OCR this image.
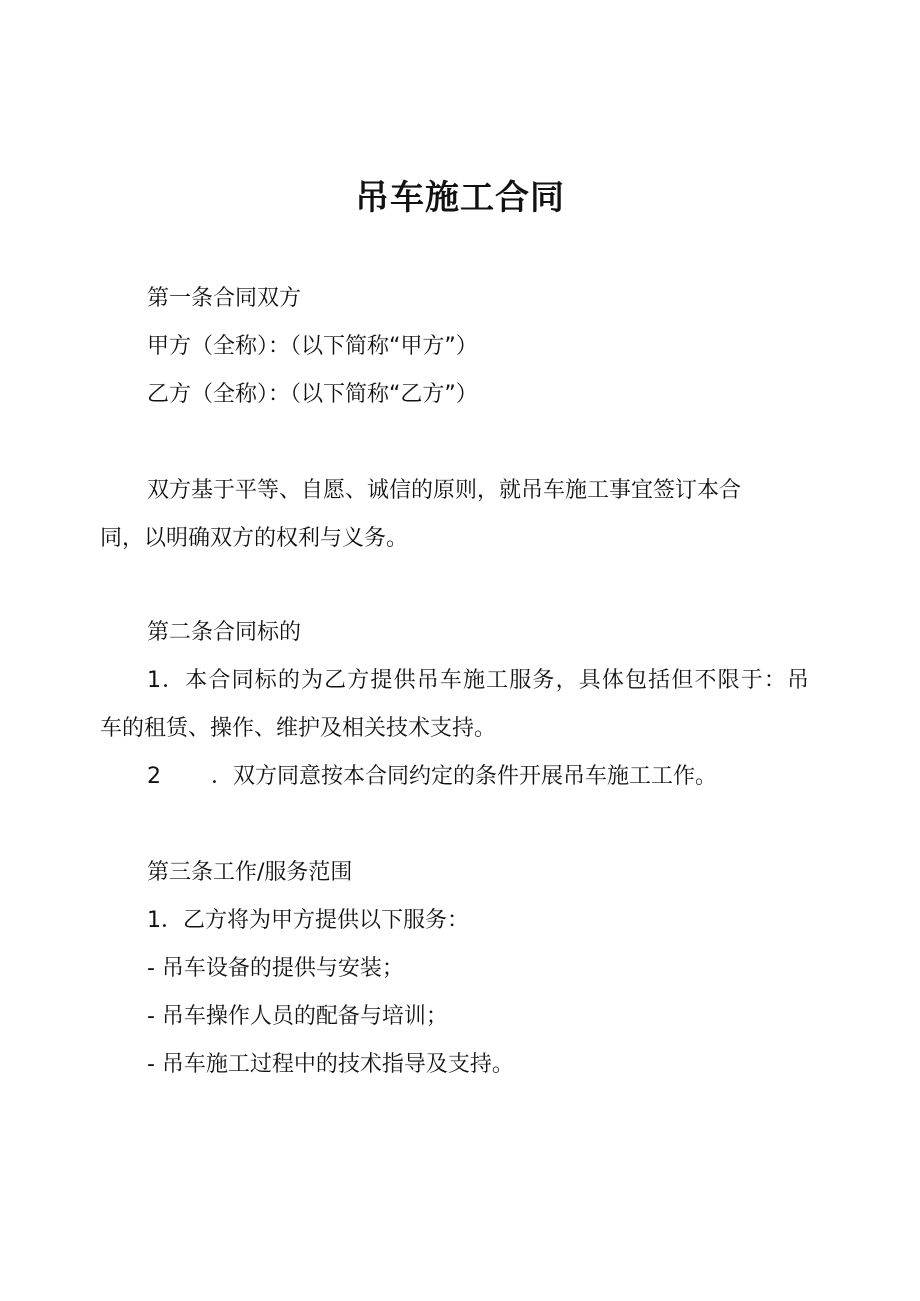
吊车施工合同

第一条合同双方

甲方（全称）：（以下简称“甲方”）

乙方（全称）：（以下简称“乙方”）

双方基于平等、自愿、诚信的原则，就吊车施工事宜签订本合

同，以明确双方的权利与义务。

第二条合同标的

1．本合同标的为乙方提供吊车施工服务，具体包括但不限于：吊

车的租赁、操作、维护及相关技术支持。

2 ．双方同意按本合同约定的条件开展吊车施工工作。

第三条工作/服务范围

1．乙方将为甲方提供以下服务：

- 吊车设备的提供与安装；

- 吊车操作人员的配备与培训；

- 吊车施工过程中的技术指导及支持。
